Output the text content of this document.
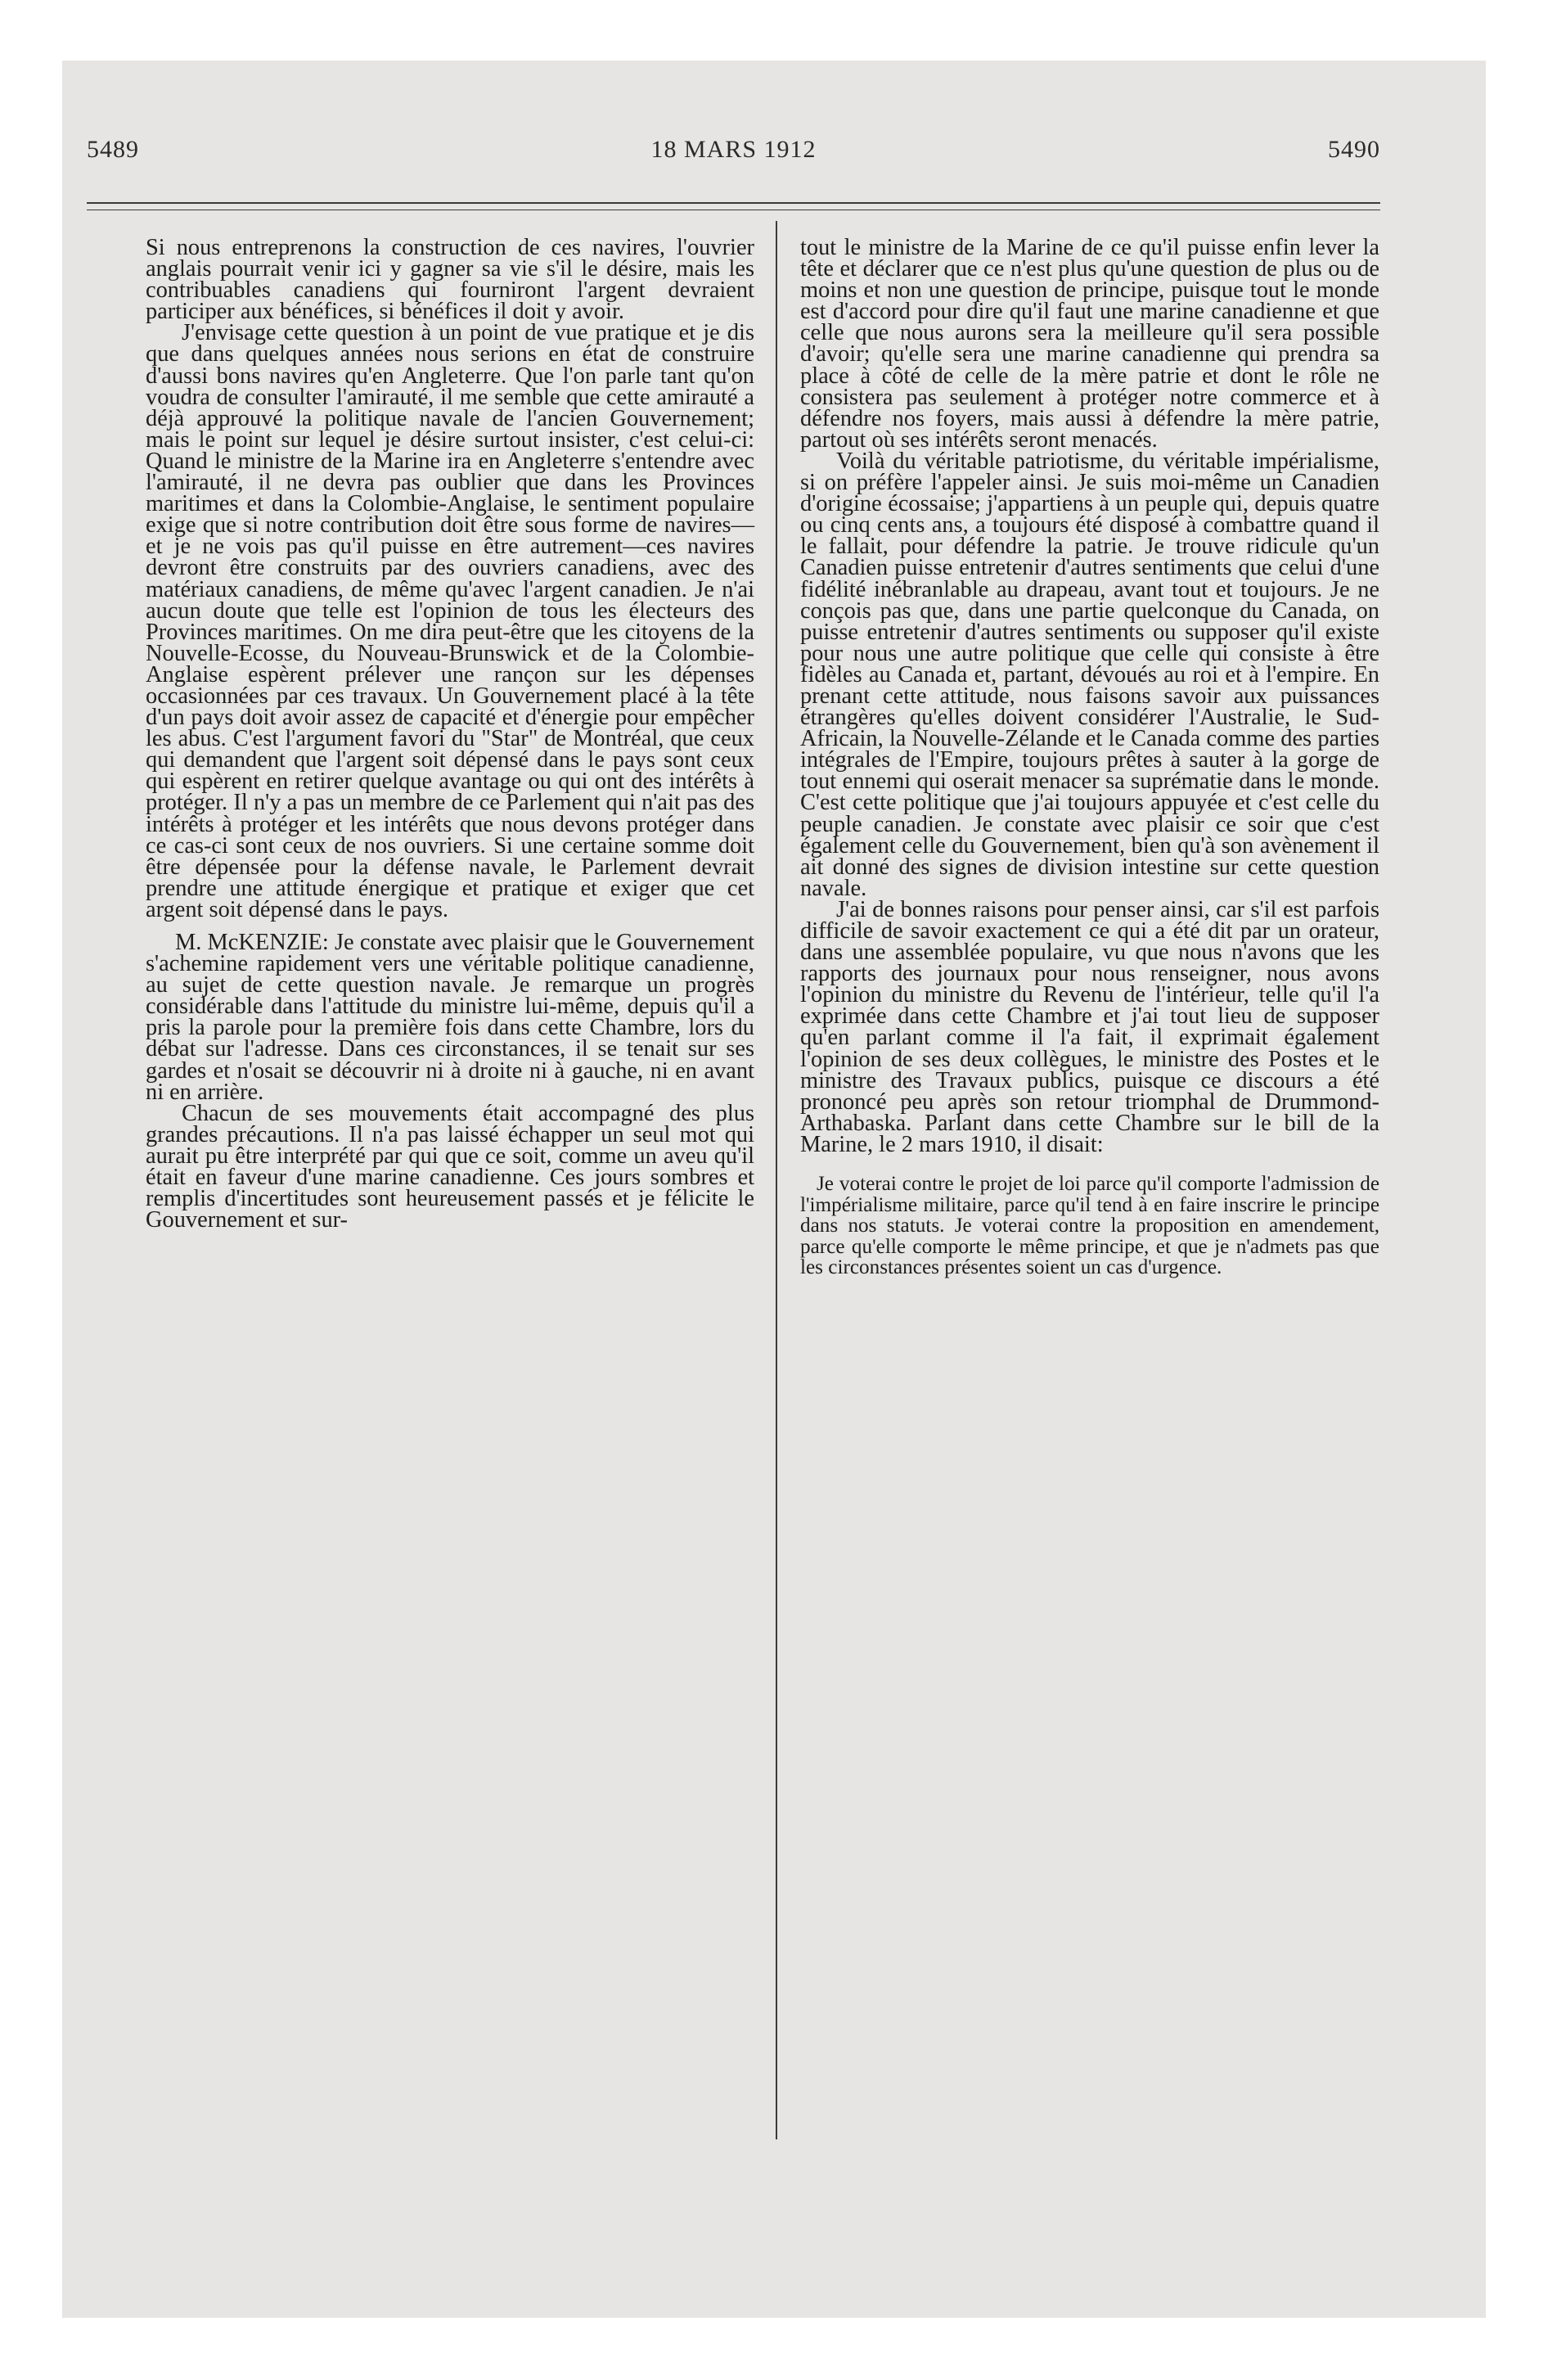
5489	18 MARS 1912	5490

Si nous entreprenons la construction de ces navires, l'ouvrier anglais pourrait venir ici y gagner sa vie s'il le désire, mais les contribuables canadiens qui fourniront l'argent devraient participer aux bénéfices, si bénéfices il doit y avoir.

J'envisage cette question à un point de vue pratique et je dis que dans quelques années nous serions en état de construire d'aussi bons navires qu'en Angleterre. Que l'on parle tant qu'on voudra de consulter l'amirauté, il me semble que cette amirauté a déjà approuvé la politique navale de l'ancien Gouvernement; mais le point sur lequel je désire surtout insister, c'est celui-ci: Quand le ministre de la Marine ira en Angleterre s'entendre avec l'amirauté, il ne devra pas oublier que dans les Provinces maritimes et dans la Colombie-Anglaise, le sentiment populaire exige que si notre contribution doit être sous forme de navires—et je ne vois pas qu'il puisse en être autrement—ces navires devront être construits par des ouvriers canadiens, avec des matériaux canadiens, de même qu'avec l'argent canadien. Je n'ai aucun doute que telle est l'opinion de tous les électeurs des Provinces maritimes. On me dira peut-être que les citoyens de la Nouvelle-Ecosse, du Nouveau-Brunswick et de la Colombie-Anglaise espèrent prélever une rançon sur les dépenses occasionnées par ces travaux. Un Gouvernement placé à la tête d'un pays doit avoir assez de capacité et d'énergie pour empêcher les abus. C'est l'argument favori du "Star" de Montréal, que ceux qui demandent que l'argent soit dépensé dans le pays sont ceux qui espèrent en retirer quelque avantage ou qui ont des intérêts à protéger. Il n'y a pas un membre de ce Parlement qui n'ait pas des intérêts à protéger et les intérêts que nous devons protéger dans ce cas-ci sont ceux de nos ouvriers. Si une certaine somme doit être dépensée pour la défense navale, le Parlement devrait prendre une attitude énergique et pratique et exiger que cet argent soit dépensé dans le pays.

M. McKENZIE: Je constate avec plaisir que le Gouvernement s'achemine rapidement vers une véritable politique canadienne, au sujet de cette question navale. Je remarque un progrès considérable dans l'attitude du ministre lui-même, depuis qu'il a pris la parole pour la première fois dans cette Chambre, lors du débat sur l'adresse. Dans ces circonstances, il se tenait sur ses gardes et n'osait se découvrir ni à droite ni à gauche, ni en avant ni en arrière.

Chacun de ses mouvements était accompagné des plus grandes précautions. Il n'a pas laissé échapper un seul mot qui aurait pu être interprété par qui que ce soit, comme un aveu qu'il était en faveur d'une marine canadienne. Ces jours sombres et remplis d'incertitudes sont heureusement passés et je félicite le Gouvernement et sur-

tout le ministre de la Marine de ce qu'il puisse enfin lever la tête et déclarer que ce n'est plus qu'une question de plus ou de moins et non une question de principe, puisque tout le monde est d'accord pour dire qu'il faut une marine canadienne et que celle que nous aurons sera la meilleure qu'il sera possible d'avoir; qu'elle sera une marine canadienne qui prendra sa place à côté de celle de la mère patrie et dont le rôle ne consistera pas seulement à protéger notre commerce et à défendre nos foyers, mais aussi à défendre la mère patrie, partout où ses intérêts seront menacés.

Voilà du véritable patriotisme, du véritable impérialisme, si on préfère l'appeler ainsi. Je suis moi-même un Canadien d'origine écossaise; j'appartiens à un peuple qui, depuis quatre ou cinq cents ans, a toujours été disposé à combattre quand il le fallait, pour défendre la patrie. Je trouve ridicule qu'un Canadien puisse entretenir d'autres sentiments que celui d'une fidélité inébranlable au drapeau, avant tout et toujours. Je ne conçois pas que, dans une partie quelconque du Canada, on puisse entretenir d'autres sentiments ou supposer qu'il existe pour nous une autre politique que celle qui consiste à être fidèles au Canada et, partant, dévoués au roi et à l'empire. En prenant cette attitude, nous faisons savoir aux puissances étrangères qu'elles doivent considérer l'Australie, le Sud-Africain, la Nouvelle-Zélande et le Canada comme des parties intégrales de l'Empire, toujours prêtes à sauter à la gorge de tout ennemi qui oserait menacer sa suprématie dans le monde. C'est cette politique que j'ai toujours appuyée et c'est celle du peuple canadien. Je constate avec plaisir ce soir que c'est également celle du Gouvernement, bien qu'à son avènement il ait donné des signes de division intestine sur cette question navale.

J'ai de bonnes raisons pour penser ainsi, car s'il est parfois difficile de savoir exactement ce qui a été dit par un orateur, dans une assemblée populaire, vu que nous n'avons que les rapports des journaux pour nous renseigner, nous avons l'opinion du ministre du Revenu de l'intérieur, telle qu'il l'a exprimée dans cette Chambre et j'ai tout lieu de supposer qu'en parlant comme il l'a fait, il exprimait également l'opinion de ses deux collègues, le ministre des Postes et le ministre des Travaux publics, puisque ce discours a été prononcé peu après son retour triomphal de Drummond-Arthabaska. Parlant dans cette Chambre sur le bill de la Marine, le 2 mars 1910, il disait:

Je voterai contre le projet de loi parce qu'il comporte l'admission de l'impérialisme militaire, parce qu'il tend à en faire inscrire le principe dans nos statuts. Je voterai contre la proposition en amendement, parce qu'elle comporte le même principe, et que je n'admets pas que les circonstances présentes soient un cas d'urgence.
